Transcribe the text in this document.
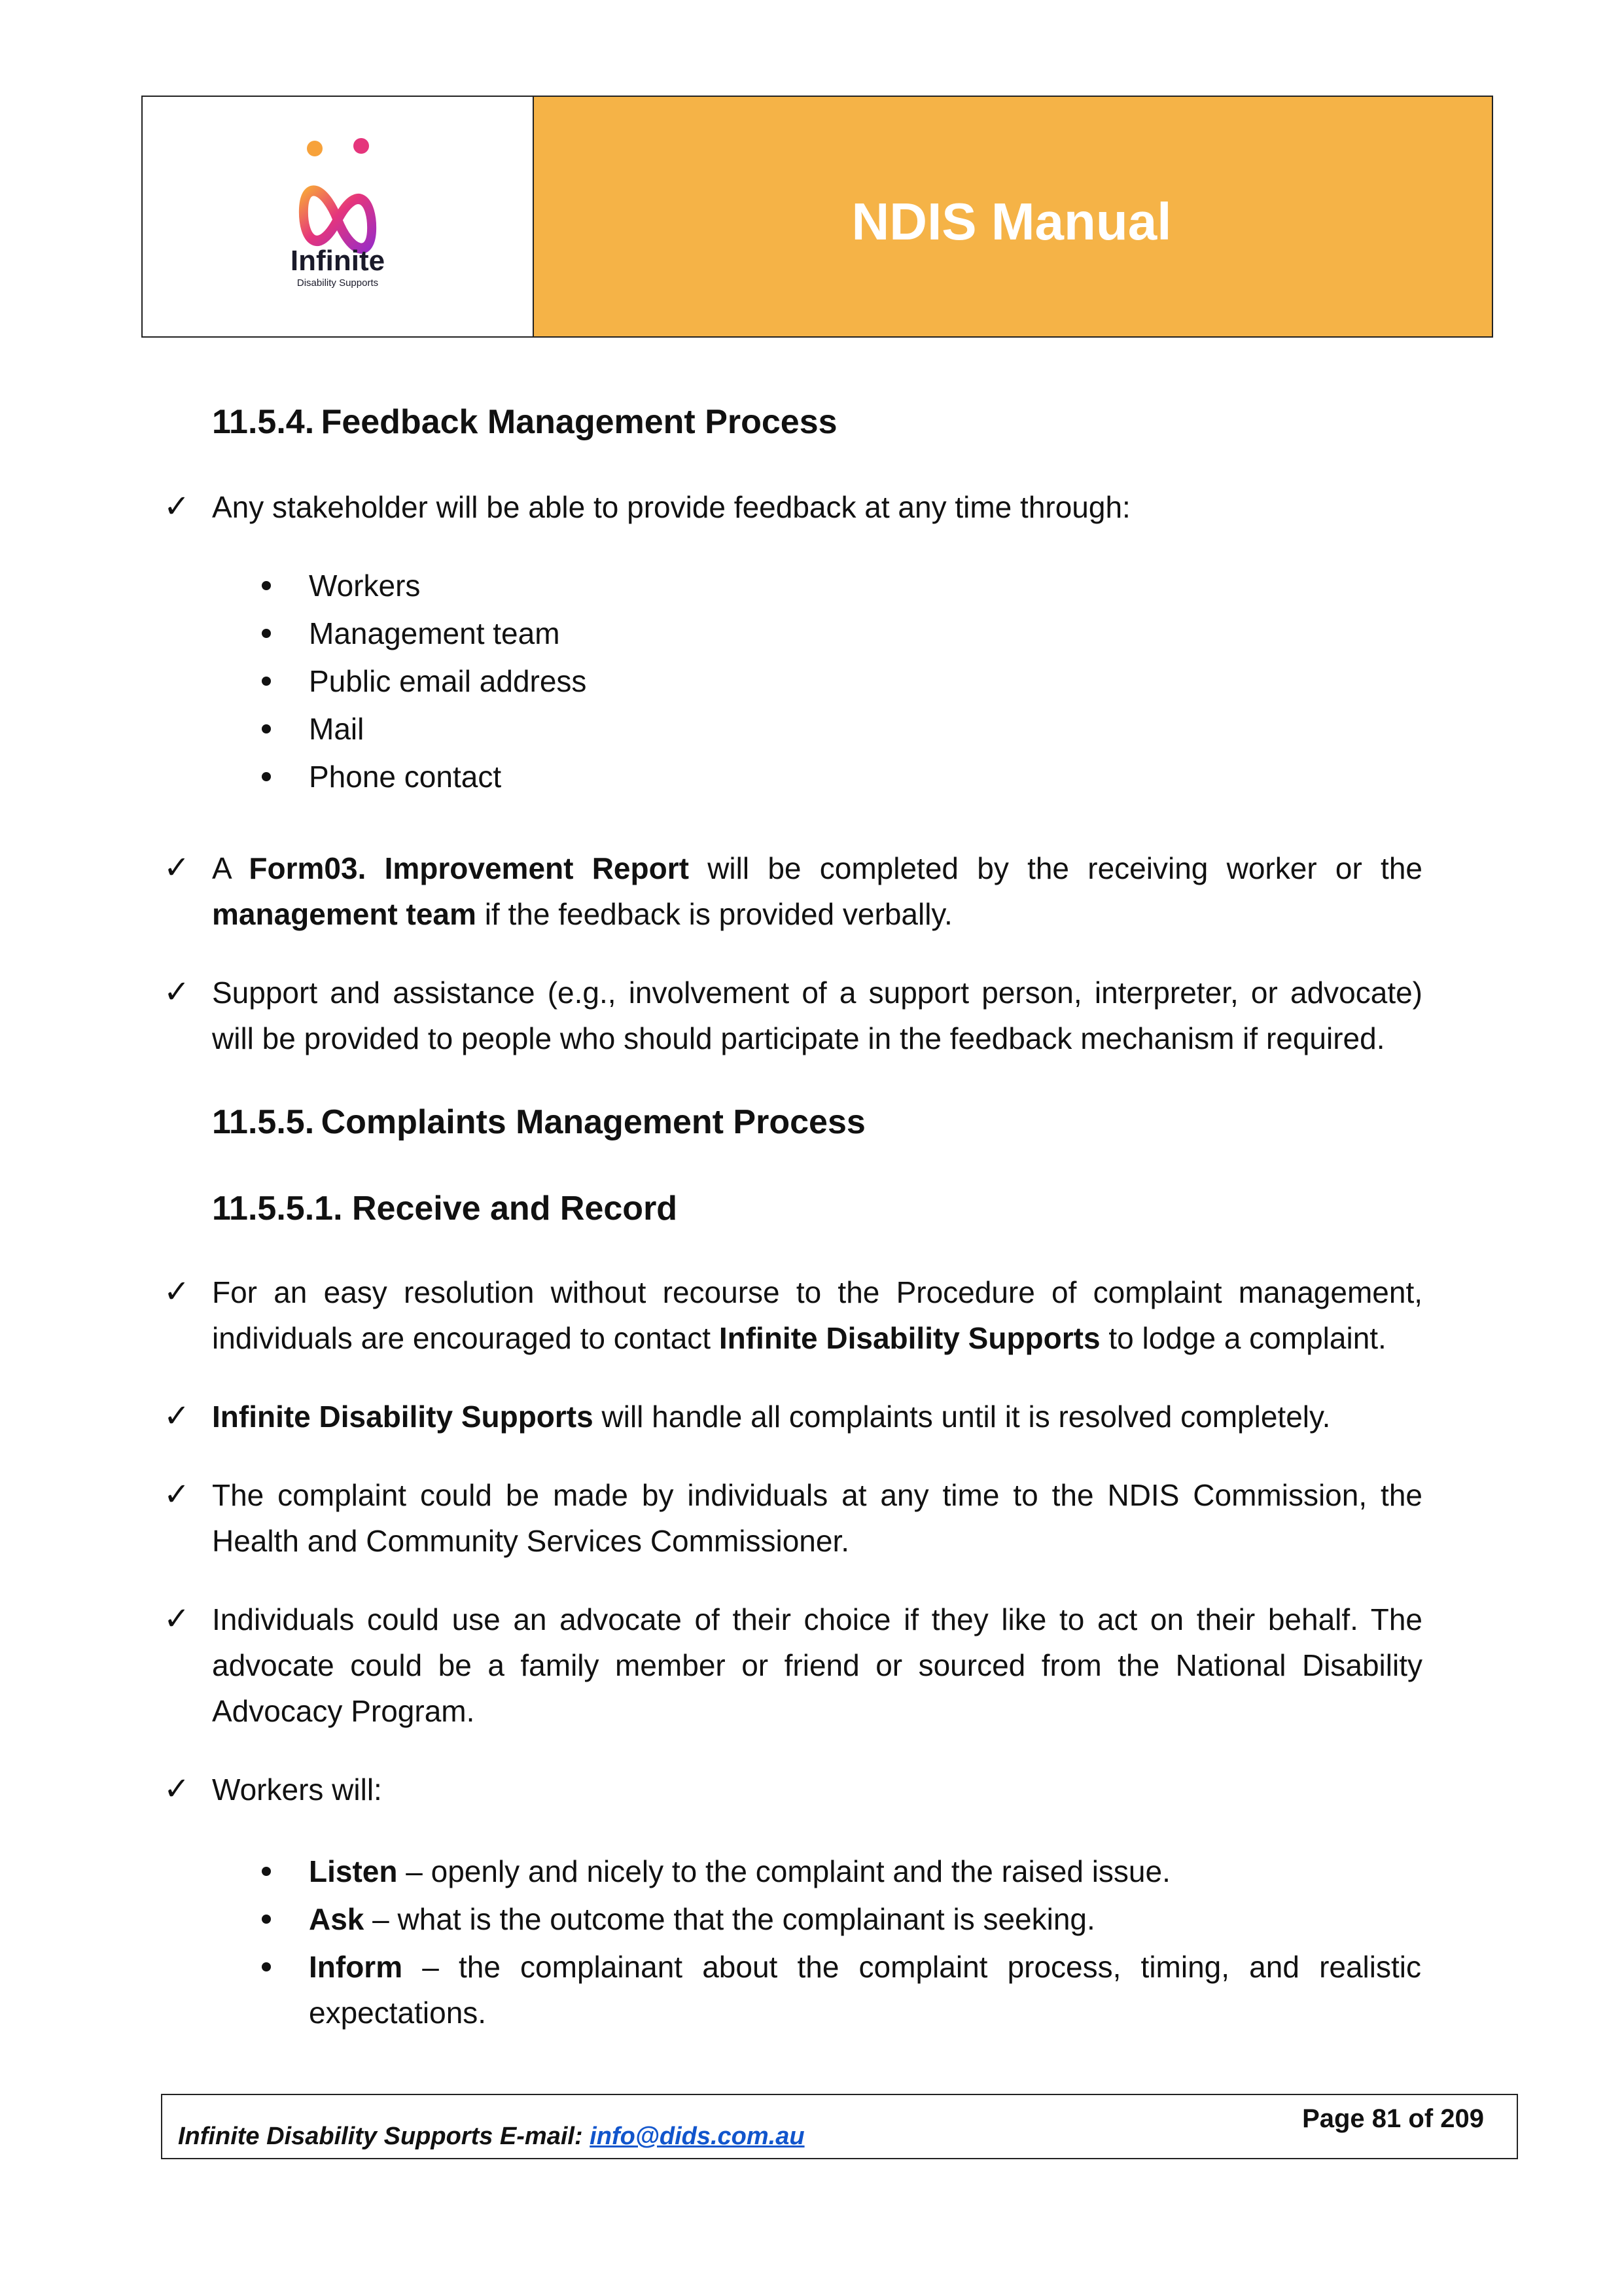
Infinite
Disability Supports
NDIS Manual
11.5.4. Feedback Management Process
✓ Any stakeholder will be able to provide feedback at any time through:
Workers
Management team
Public email address
Mail
Phone contact
✓ A Form03. Improvement Report will be completed by the receiving worker or the management team if the feedback is provided verbally.
✓ Support and assistance (e.g., involvement of a support person, interpreter, or advocate) will be provided to people who should participate in the feedback mechanism if required.
11.5.5. Complaints Management Process
11.5.5.1. Receive and Record
✓ For an easy resolution without recourse to the Procedure of complaint management, individuals are encouraged to contact Infinite Disability Supports to lodge a complaint.
✓ Infinite Disability Supports will handle all complaints until it is resolved completely.
✓ The complaint could be made by individuals at any time to the NDIS Commission, the Health and Community Services Commissioner.
✓ Individuals could use an advocate of their choice if they like to act on their behalf. The advocate could be a family member or friend or sourced from the National Disability Advocacy Program.
✓ Workers will:
Listen – openly and nicely to the complaint and the raised issue.
Ask – what is the outcome that the complainant is seeking.
Inform – the complainant about the complaint process, timing, and realistic expectations.
Infinite Disability Supports E-mail: info@dids.com.au
Page 81 of 209
